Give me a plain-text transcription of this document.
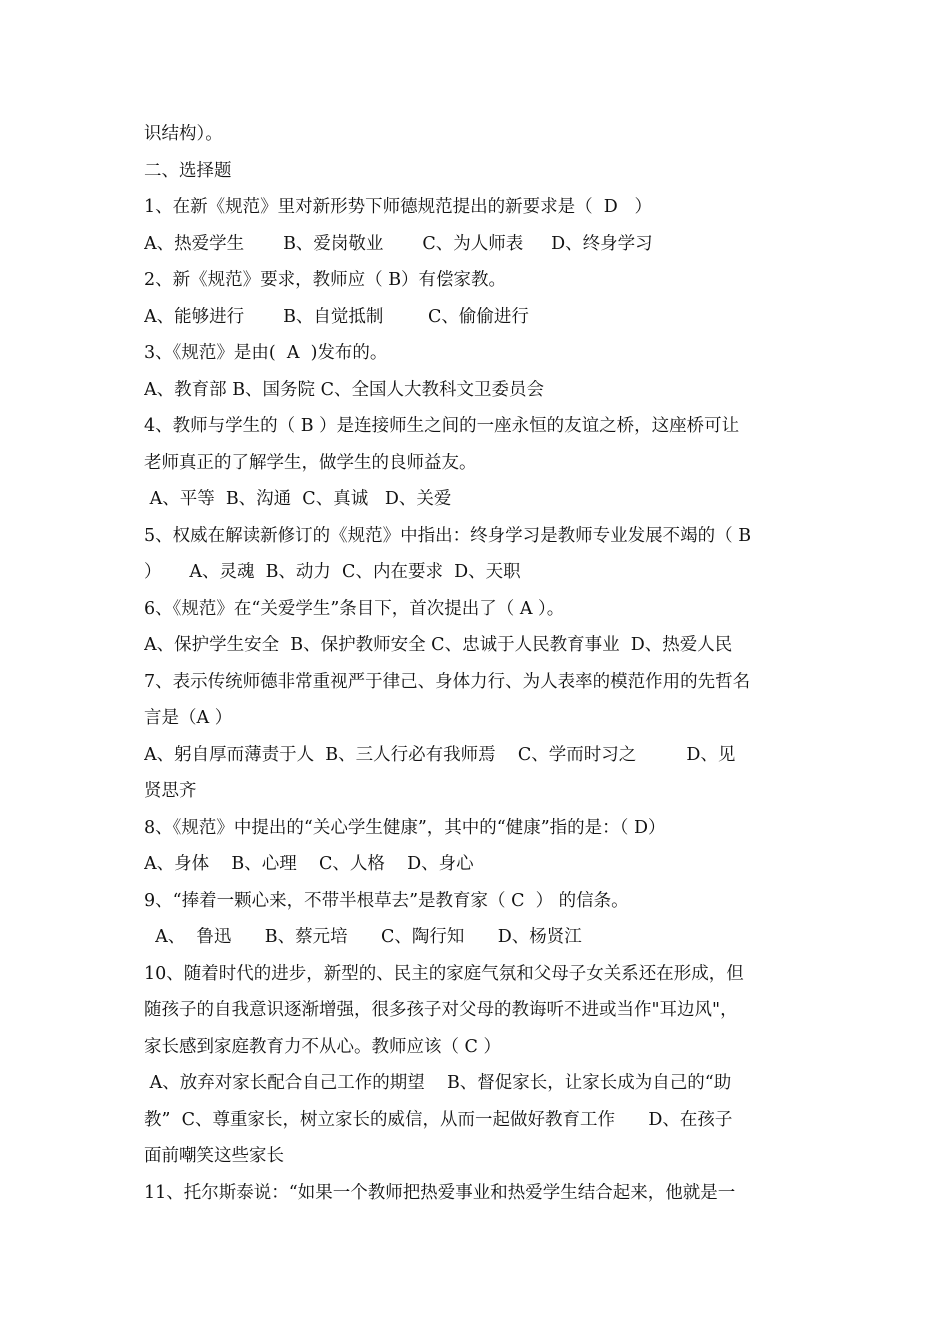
识结构）。
二、选择题
1、在新《规范》里对新形势下师德规范提出的新要求是（  D   ）
A、热爱学生       B、爱岗敬业       C、为人师表     D、终身学习
2、新《规范》要求，教师应（ B）有偿家教。
A、能够进行       B、自觉抵制        C、偷偷进行
3、《规范》是由(  A  )发布的。
A、教育部 B、国务院 C、全国人大教科文卫委员会
4、教师与学生的（ B ）是连接师生之间的一座永恒的友谊之桥，这座桥可让
老师真正的了解学生，做学生的良师益友。
A、平等  B、沟通  C、真诚   D、关爱
5、权威在解读新修订的《规范》中指出：终身学习是教师专业发展不竭的（ B
）     A、灵魂  B、动力  C、内在要求  D、天职
6、《规范》在“关爱学生”条目下，首次提出了（ A ）。
A、保护学生安全  B、保护教师安全 C、忠诚于人民教育事业  D、热爱人民
7、表示传统师德非常重视严于律己、身体力行、为人表率的模范作用的先哲名
言是（A ）
A、躬自厚而薄责于人  B、三人行必有我师焉    C、学而时习之         D、见
贤思齐
8、《规范》中提出的“关心学生健康”，其中的“健康”指的是：（ D）
A、身体    B、心理    C、人格    D、身心
9、“捧着一颗心来，不带半根草去”是教育家（ C  ） 的信条。
A、  鲁迅      B、蔡元培      C、陶行知      D、杨贤江
10、随着时代的进步，新型的、民主的家庭气氛和父母子女关系还在形成，但
随孩子的自我意识逐渐增强，很多孩子对父母的教诲听不进或当作"耳边风"，
家长感到家庭教育力不从心。教师应该（ C ）
A、放弃对家长配合自己工作的期望    B、督促家长，让家长成为自己的“助
教”  C、尊重家长，树立家长的威信，从而一起做好教育工作      D、在孩子
面前嘲笑这些家长
11、托尔斯泰说：“如果一个教师把热爱事业和热爱学生结合起来，他就是一
